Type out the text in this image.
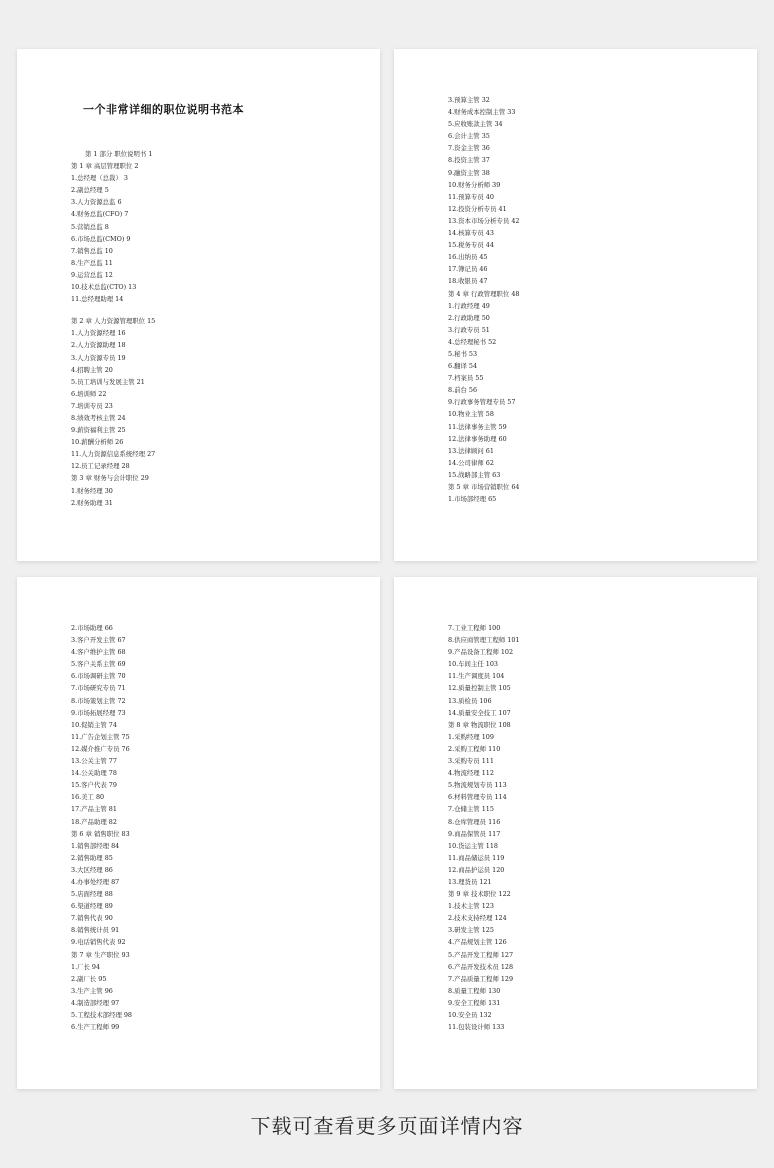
一个非常详细的职位说明书范本
第 1 部分 职位说明书 1
第 1 章 高层管理职位 2
1.总经理（总裁） 3
2.副总经理 5
3.人力资源总监 6
4.财务总监(CFO) 7
5.营销总监 8
6.市场总监(CMO) 9
7.销售总监 10
8.生产总监 11
9.运营总监 12
10.技术总监(CTO) 13
11.总经理助理 14
第 2 章 人力资源管理职位 15
1.人力资源经理 16
2.人力资源助理 18
3.人力资源专员 19
4.招聘主管 20
5.员工培训与发展主管 21
6.培训师 22
7.培训专员 23
8.绩效考核主管 24
9.薪资福利主管 25
10.薪酬分析师 26
11.人力资源信息系统经理 27
12.员工记录经理 28
第 3 章 财务与会计职位 29
1.财务经理 30
2.财务助理 31
3.预算主管 32
4.财务成本控制主管 33
5.应收账款主管 34
6.会计主管 35
7.资金主管 36
8.投资主管 37
9.融资主管 38
10.财务分析师 39
11.预算专员 40
12.投资分析专员 41
13.资本市场分析专员 42
14.核算专员 43
15.税务专员 44
16.出纳员 45
17.簿记员 46
18.收银员 47
第 4 章 行政管理职位 48
1.行政经理 49
2.行政助理 50
3.行政专员 51
4.总经理秘书 52
5.秘书 53
6.翻译 54
7.档案员 55
8.前台 56
9.行政事务管理专员 57
10.物业主管 58
11.法律事务主管 59
12.法律事务助理 60
13.法律顾问 61
14.公司律师 62
15.战略部主管 63
第 5 章 市场营销职位 64
1.市场部经理 65
2.市场助理 66
3.客户开发主管 67
4.客户维护主管 68
5.客户关系主管 69
6.市场调研主管 70
7.市场研究专员 71
8.市场策划主管 72
9.市场拓展经理 73
10.促销主管 74
11.广告企划主管 75
12.媒介推广专员 76
13.公关主管 77
14.公关助理 78
15.客户代表 79
16.美工 80
17.产品主管 81
18.产品助理 82
第 6 章 销售职位 83
1.销售部经理 84
2.销售助理 85
3.大区经理 86
4.办事处经理 87
5.店面经理 88
6.渠道经理 89
7.销售代表 90
8.销售统计员 91
9.电话销售代表 92
第 7 章 生产职位 93
1.厂长 94
2.副厂长 95
3.生产主管 96
4.制造部经理 97
5.工程技术部经理 98
6.生产工程师 99
7.工业工程师 100
8.供应商管理工程师 101
9.产品设备工程师 102
10.车间主任 103
11.生产调度员 104
12.质量控制主管 105
13.质检员 106
14.质量安全技工 107
第 8 章 物流职位 108
1.采购经理 109
2.采购工程师 110
3.采购专员 111
4.物流经理 112
5.物流规划专员 113
6.材料管理专员 114
7.仓储主管 115
8.仓库管理员 116
9.商品保管员 117
10.货运主管 118
11.商品储运员 119
12.商品护运员 120
13.理货员 121
第 9 章 技术职位 122
1.技术主管 123
2.技术支持经理 124
3.研发主管 125
4.产品规划主管 126
5.产品开发工程师 127
6.产品开发技术员 128
7.产品质量工程师 129
8.质量工程师 130
9.安全工程师 131
10.安全员 132
11.包装设计师 133
下载可查看更多页面详情内容
